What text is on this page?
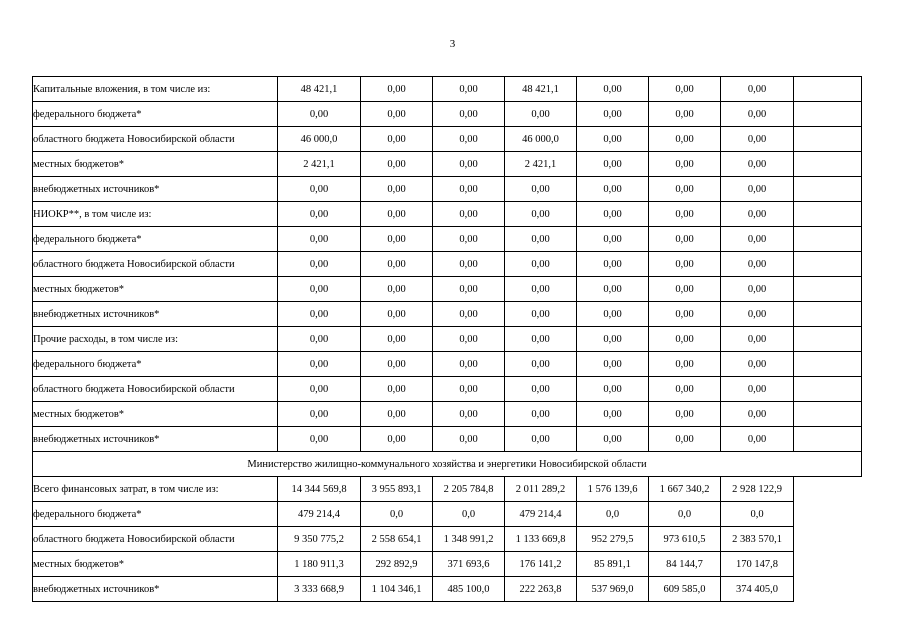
3
Капитальные вложения, в том числе из:	48 421,1	0,00	0,00	48 421,1	0,00	0,00	0,00	
федерального бюджета*	0,00	0,00	0,00	0,00	0,00	0,00	0,00	
областного бюджета Новосибирской области	46 000,0	0,00	0,00	46 000,0	0,00	0,00	0,00	
местных бюджетов*	2 421,1	0,00	0,00	2 421,1	0,00	0,00	0,00	
внебюджетных источников*	0,00	0,00	0,00	0,00	0,00	0,00	0,00	
НИОКР**, в том числе из:	0,00	0,00	0,00	0,00	0,00	0,00	0,00	
федерального бюджета*	0,00	0,00	0,00	0,00	0,00	0,00	0,00	
областного бюджета Новосибирской области	0,00	0,00	0,00	0,00	0,00	0,00	0,00	
местных бюджетов*	0,00	0,00	0,00	0,00	0,00	0,00	0,00	
внебюджетных источников*	0,00	0,00	0,00	0,00	0,00	0,00	0,00	
Прочие расходы, в том числе из:	0,00	0,00	0,00	0,00	0,00	0,00	0,00	
федерального бюджета*	0,00	0,00	0,00	0,00	0,00	0,00	0,00	
областного бюджета Новосибирской области	0,00	0,00	0,00	0,00	0,00	0,00	0,00	
местных бюджетов*	0,00	0,00	0,00	0,00	0,00	0,00	0,00	
внебюджетных источников*	0,00	0,00	0,00	0,00	0,00	0,00	0,00	
Министерство жилищно-коммунального хозяйства и энергетики Новосибирской области								
Всего финансовых затрат, в том числе из:	14 344 569,8	3 955 893,1	2 205 784,8	2 011 289,2	1 576 139,6	1 667 340,2	2 928 122,9	
федерального бюджета*	479 214,4	0,0	0,0	479 214,4	0,0	0,0	0,0	
областного бюджета Новосибирской области	9 350 775,2	2 558 654,1	1 348 991,2	1 133 669,8	952 279,5	973 610,5	2 383 570,1	
местных бюджетов*	1 180 911,3	292 892,9	371 693,6	176 141,2	85 891,1	84 144,7	170 147,8	
внебюджетных источников*	3 333 668,9	1 104 346,1	485 100,0	222 263,8	537 969,0	609 585,0	374 405,0	
